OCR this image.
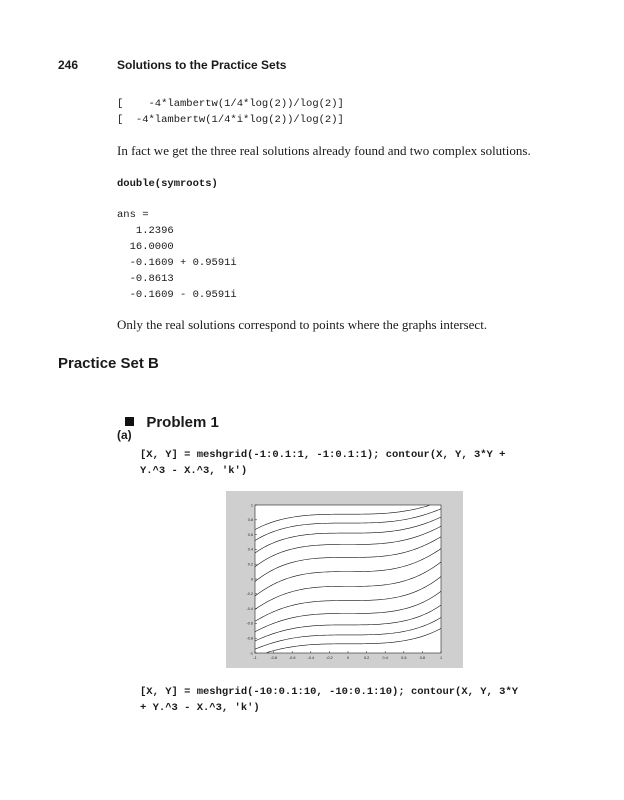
246	Solutions to the Practice Sets
[    -4*lambertw(1/4*log(2))/log(2)]
[  -4*lambertw(1/4*i*log(2))/log(2)]
In fact we get the three real solutions already found and two complex solutions.
double(symroots)
ans =
1.2396
16.0000
-0.1609 + 0.9591i
-0.8613
-0.1609 - 0.9591i
Only the real solutions correspond to points where the graphs intersect.
Practice Set B

Problem 1

(a)
[X, Y] = meshgrid(-1:0.1:1, -1:0.1:1); contour(X, Y, 3*Y +
Y.^3 - X.^3, 'k')
-1	-0.8	-0.6	-0.4	-0.2	0	0.2	0.4	0.6	0.8	1
1
0.8
0.6
0.4
0.2
0
-0.2
-0.4
-0.6
-0.8
-1
[X, Y] = meshgrid(-10:0.1:10, -10:0.1:10); contour(X, Y, 3*Y
+ Y.^3 - X.^3, 'k')
